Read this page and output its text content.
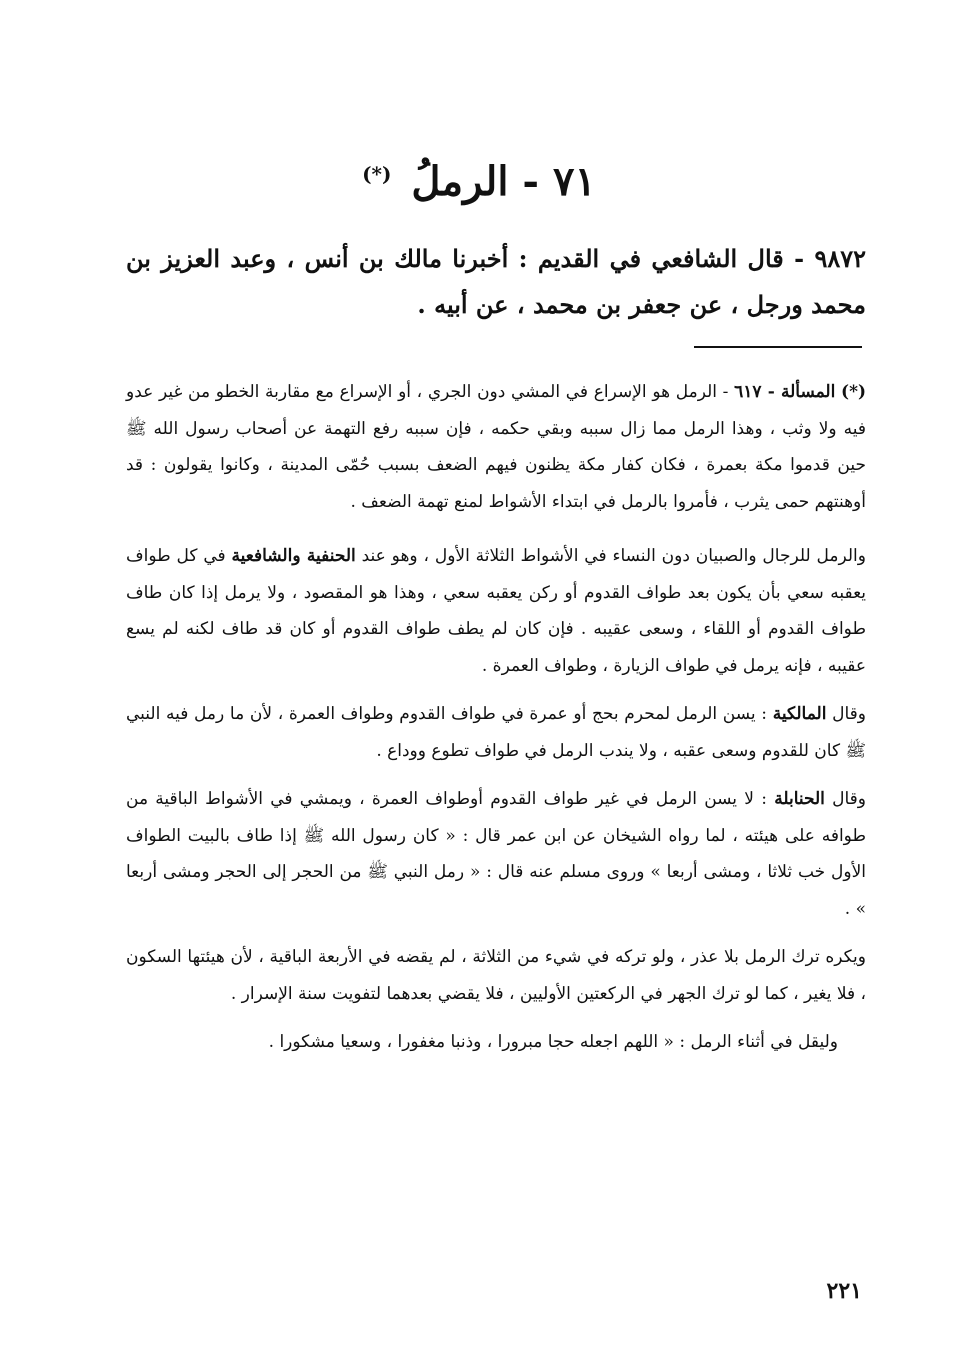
٧١ - الرملُ (*)
٩٨٧٢ - قال الشافعي في القديم : أخبرنا مالك بن أنس ، وعبد العزيز بن محمد ورجل ، عن جعفر بن محمد ، عن أبيه .

(*) المسألة - ٦١٧ - الرمل هو الإسراع في المشي دون الجري ، أو الإسراع مع مقاربة الخطو من غير عدو فيه ولا وثب ، وهذا الرمل مما زال سببه وبقي حكمه ، فإن سببه رفع التهمة عن أصحاب رسول الله ﷺ حين قدموا مكة بعمرة ، فكان كفار مكة يظنون فيهم الضعف بسبب حُمّى المدينة ، وكانوا يقولون : قد أوهنتهم حمى يثرب ، فأمروا بالرمل في ابتداء الأشواط لمنع تهمة الضعف .

والرمل للرجال والصبيان دون النساء في الأشواط الثلاثة الأول ، وهو عند الحنفية والشافعية في كل طواف يعقبه سعي بأن يكون بعد طواف القدوم أو ركن يعقبه سعي ، وهذا هو المقصود ، ولا يرمل إذا كان طاف طواف القدوم أو اللقاء ، وسعى عقيبه . فإن كان لم يطف طواف القدوم أو كان قد طاف لكنه لم يسع عقيبه ، فإنه يرمل في طواف الزيارة ، وطواف العمرة .

وقال المالكية : يسن الرمل لمحرم بحج أو عمرة في طواف القدوم وطواف العمرة ، لأن ما رمل فيه النبي ﷺ كان للقدوم وسعى عقبه ، ولا يندب الرمل في طواف تطوع ووداع .

وقال الحنابلة : لا يسن الرمل في غير طواف القدوم أوطواف العمرة ، ويمشي في الأشواط الباقية من طوافه على هيئته ، لما رواه الشيخان عن ابن عمر قال : « كان رسول الله ﷺ إذا طاف بالبيت الطواف الأول خب ثلاثا ، ومشى أربعا » وروى مسلم عنه قال : « رمل النبي ﷺ من الحجر إلى الحجر ومشى أربعا » .

ويكره ترك الرمل بلا عذر ، ولو تركه في شيء من الثلاثة ، لم يقضه في الأربعة الباقية ، لأن هيئتها السكون ، فلا يغير ، كما لو ترك الجهر في الركعتين الأوليين ، فلا يقضي بعدهما لتفويت سنة الإسرار .

وليقل في أثناء الرمل : « اللهم اجعله حجا مبرورا ، وذنبا مغفورا ، وسعيا مشكورا .

٢٢١
